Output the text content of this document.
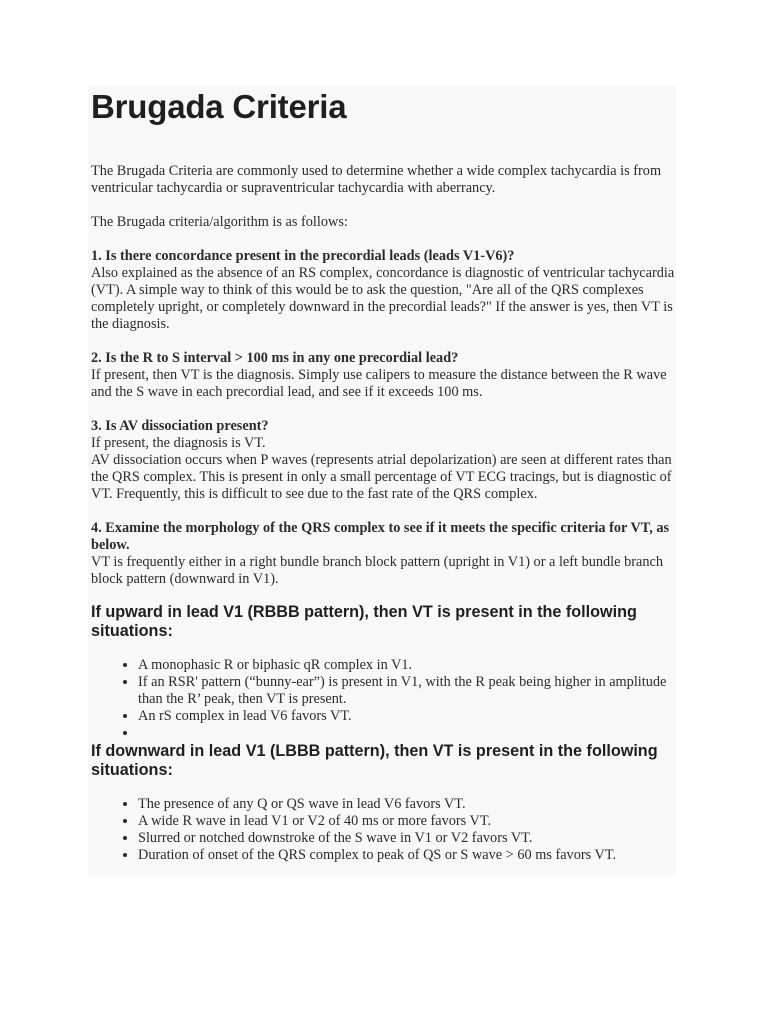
Brugada Criteria

The Brugada Criteria are commonly used to determine whether a wide complex tachycardia is from ventricular tachycardia or supraventricular tachycardia with aberrancy.

The Brugada criteria/algorithm is as follows:

1. Is there concordance present in the precordial leads (leads V1-V6)?
Also explained as the absence of an RS complex, concordance is diagnostic of ventricular tachycardia (VT). A simple way to think of this would be to ask the question, "Are all of the QRS complexes completely upright, or completely downward in the precordial leads?" If the answer is yes, then VT is the diagnosis.

2. Is the R to S interval > 100 ms in any one precordial lead?
If present, then VT is the diagnosis. Simply use calipers to measure the distance between the R wave and the S wave in each precordial lead, and see if it exceeds 100 ms.

3. Is AV dissociation present?
If present, the diagnosis is VT.
AV dissociation occurs when P waves (represents atrial depolarization) are seen at different rates than the QRS complex. This is present in only a small percentage of VT ECG tracings, but is diagnostic of VT. Frequently, this is difficult to see due to the fast rate of the QRS complex.

4. Examine the morphology of the QRS complex to see if it meets the specific criteria for VT, as below.
VT is frequently either in a right bundle branch block pattern (upright in V1) or a left bundle branch block pattern (downward in V1).

If upward in lead V1 (RBBB pattern), then VT is present in the following situations:
• A monophasic R or biphasic qR complex in V1.
• If an RSR' pattern (“bunny-ear”) is present in V1, with the R peak being higher in amplitude than the R’ peak, then VT is present.
• An rS complex in lead V6 favors VT.
•
If downward in lead V1 (LBBB pattern), then VT is present in the following situations:
• The presence of any Q or QS wave in lead V6 favors VT.
• A wide R wave in lead V1 or V2 of 40 ms or more favors VT.
• Slurred or notched downstroke of the S wave in V1 or V2 favors VT.
• Duration of onset of the QRS complex to peak of QS or S wave > 60 ms favors VT.
